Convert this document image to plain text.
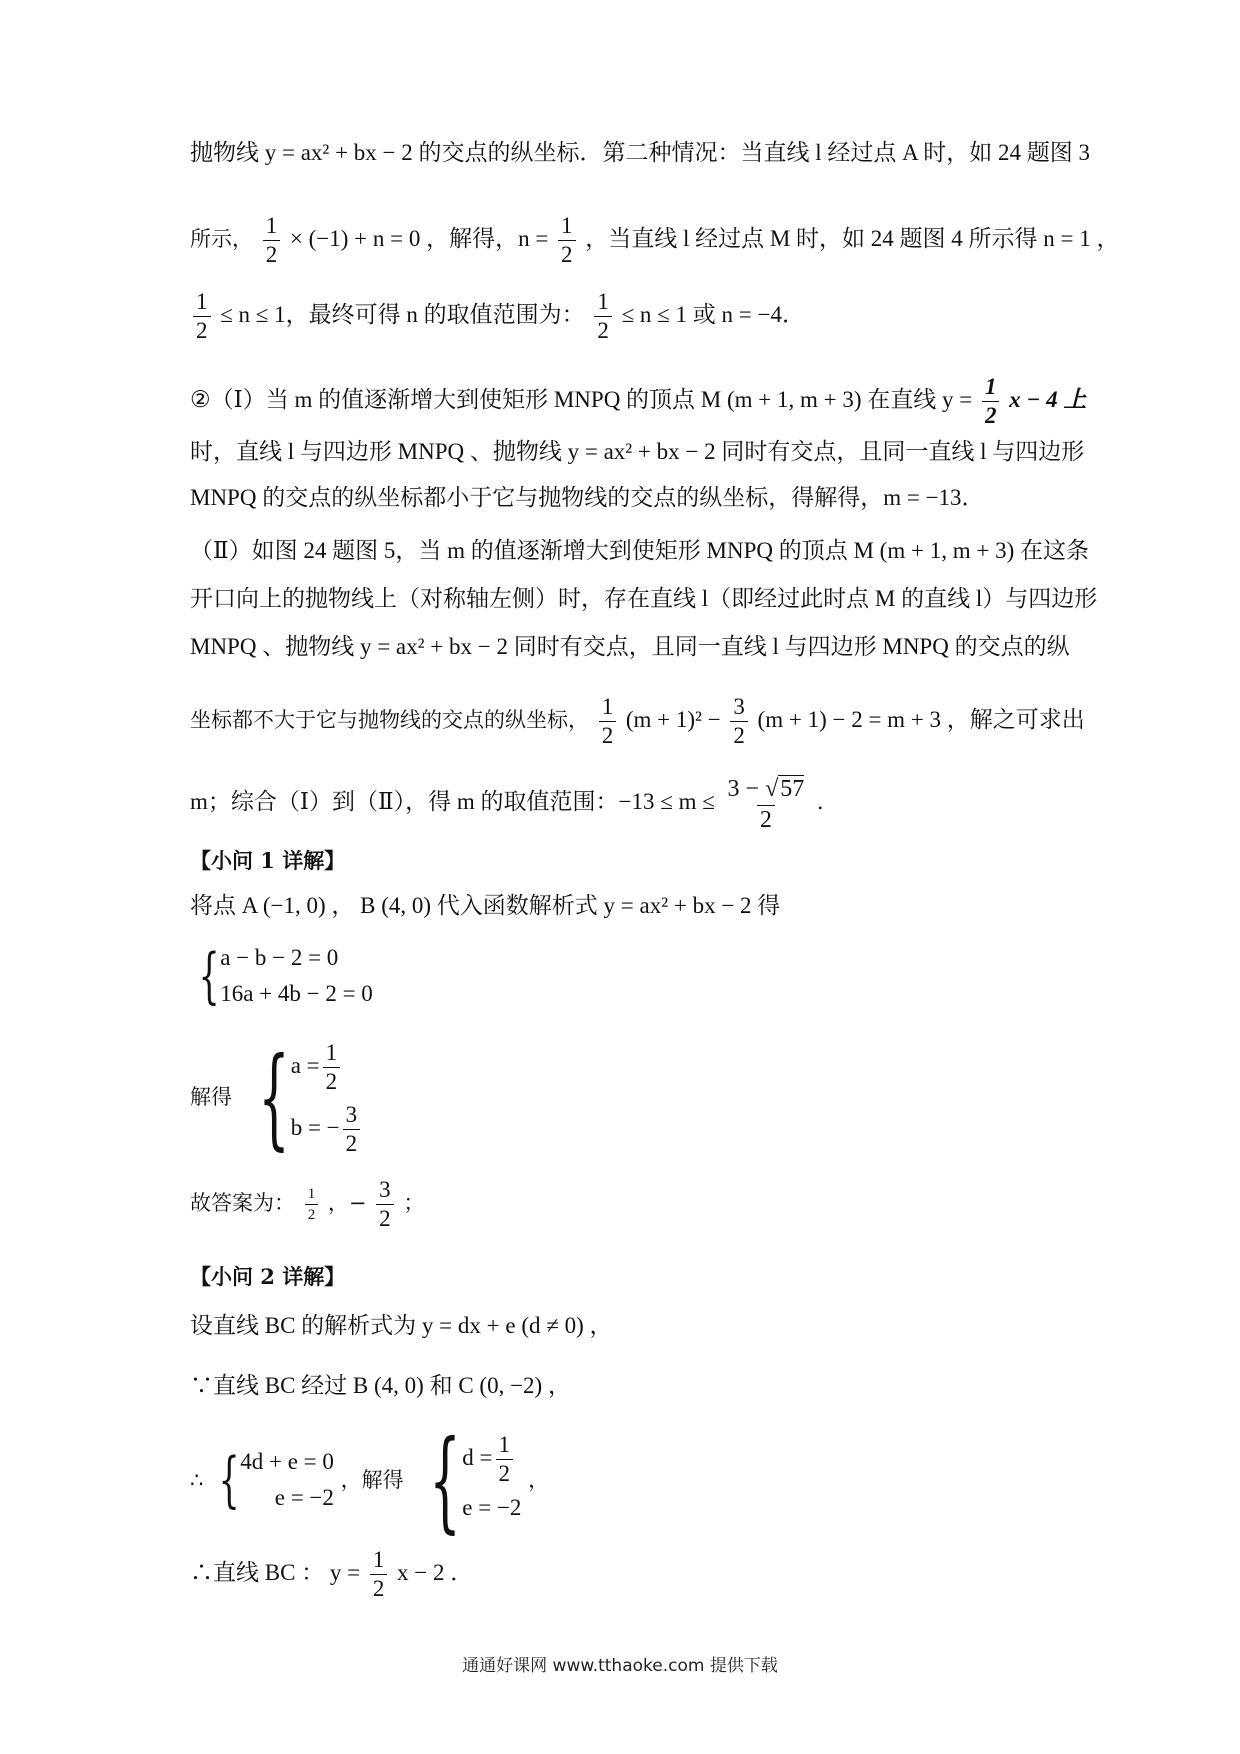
抛物线 y = ax² + bx − 2 的交点的纵坐标．第二种情况：当直线 l 经过点 A 时，如 24 题图 3
所示， $\frac{1}{2} \times (-1) + n = 0$ ，解得，$n = \frac{1}{2}$ ，当直线 l 经过点 M 时，如 24 题图 4 所示得 n = 1 ，
$\frac{1}{2} \le n \le 1$，最终可得 n 的取值范围为： $\frac{1}{2} \le n \le 1$ 或 n = −4．
②（Ⅰ）当 m 的值逐渐增大到使矩形 MNPQ 的顶点 M (m + 1, m + 3) 在直线 $y = \frac{1}{2}$ x − 4 上
时，直线 l 与四边形 MNPQ 、抛物线 y = ax² + bx − 2 同时有交点，且同一直线 l 与四边形
MNPQ 的交点的纵坐标都小于它与抛物线的交点的纵坐标，得解得，m = −13．
（Ⅱ）如图 24 题图 5，当 m 的值逐渐增大到使矩形 MNPQ 的顶点 M (m + 1, m + 3) 在这条
开口向上的抛物线上（对称轴左侧）时，存在直线 l（即经过此时点 M 的直线 l）与四边形
MNPQ 、抛物线 y = ax² + bx − 2 同时有交点，且同一直线 l 与四边形 MNPQ 的交点的纵
坐标都不大于它与抛物线的交点的纵坐标， $\frac{1}{2} (m + 1)^2 - \frac{3}{2} (m + 1) - 2 = m + 3$ ，解之可求出
m；综合（Ⅰ）到（Ⅱ），得 m 的取值范围：$-13 \le m \le \frac{3 - √57}{2}$ ．
【小问 1 详解】
将点 A (−1, 0) ， B (4, 0) 代入函数解析式 y = ax² + bx − 2 得
{ a − b − 2 = 0
16a + 4b − 2 = 0
解得 { $a = \frac{1}{2}$
b = − $\frac{3}{2}$
故答案为： $\frac{1}{2}$ ，− $\frac{3}{2}$ ；
【小问 2 详解】
设直线 BC 的解析式为 y = dx + e (d ≠ 0) ，
∵直线 BC 经过 B (4, 0) 和 C (0, −2) ，
∴ { 4d + e = 0
e = −2
，解得 { $d = \frac{1}{2}$
e = −2
，
∴直线 BC ： $y = \frac{1}{2}$ x − 2 ．
通通好课网 www.tthaoke.com 提供下载
